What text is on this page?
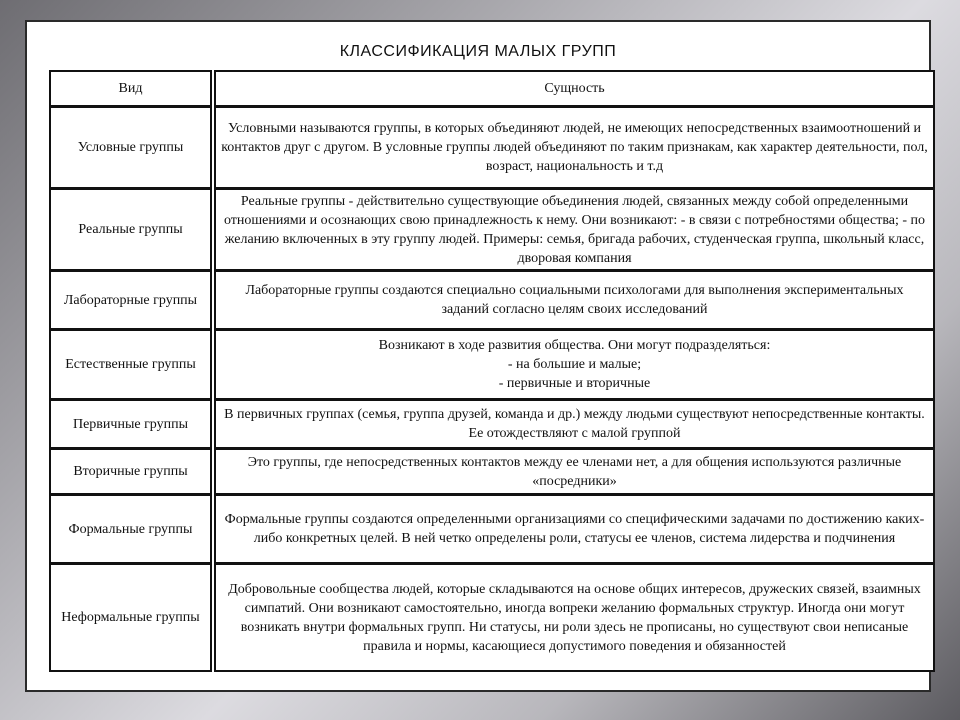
КЛАССИФИКАЦИЯ МАЛЫХ ГРУПП
Вид	Сущность
Условные группы
Условными называются группы, в которых объединяют людей, не имеющих непосредственных взаимоотношений и контактов друг с другом. В условные группы людей объединяют по таким признакам, как характер деятельности, пол, возраст, национальность и т.д
Реальные группы
Реальные группы - действительно существующие объединения людей, связанных между собой определенными отношениями и осознающих свою принадлежность к нему. Они возникают: - в связи с потребностями общества; - по желанию включенных в эту группу людей. Примеры: семья, бригада рабочих, студенческая группа, школьный класс, дворовая компания
Лабораторные группы
Лабораторные группы создаются специально социальными психологами для выполнения экспериментальных заданий согласно целям своих исследований
Естественные группы
Возникают в ходе развития общества. Они могут подразделяться:
- на большие и малые;
- первичные и вторичные
Первичные группы
В первичных группах (семья, группа друзей, команда и др.) между людьми существуют непосредственные контакты. Ее отождествляют с малой группой
Вторичные группы
Это группы, где непосредственных контактов между ее членами нет, а для общения используются различные «посредники»
Формальные группы
Формальные группы создаются определенными организациями со специфическими задачами по достижению каких-либо конкретных целей. В ней четко определены роли, статусы ее членов, система лидерства и подчинения
Неформальные группы
Добровольные сообщества людей, которые складываются на основе общих интересов, дружеских связей, взаимных симпатий. Они возникают самостоятельно, иногда вопреки желанию формальных структур. Иногда они могут возникать внутри формальных групп. Ни статусы, ни роли здесь не прописаны, но существуют свои неписаные правила и нормы, касающиеся допустимого поведения и обязанностей
